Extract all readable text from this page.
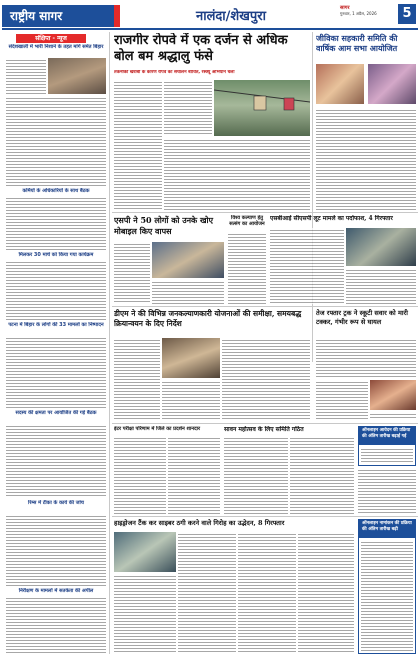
राष्ट्रीय सागर	नालंदा/शेखपुरा
सागर
गुरुवार, 1 अप्रैल, 2026	5
संक्षिप्त - न्यूज
संदेशखाली में भारी निशाने के तहत मांगें समेत बिहार
कर्मियों के अधिकारियों के साथ बैठक
मिलकर 30 मार्च को किया गया कार्यक्रम
पटना में बिहार के लोगों की 33 मामलों का निष्पादन
सदस्य की क्षमता पर आयोजित की गई बैठक
रिम्स में टीका के कार्य की जांच
निरीक्षण के मामलों में सतर्कता की अपील
राजगीर रोपवे में एक दर्जन से अधिक बोल बम श्रद्धालु फंसे
तकनीकी खराबी के कारण रोपवे का संचालन बाधित, रेस्क्यू अभियान चला
जीविका सहकारी समिति की वार्षिक आम सभा आयोजित
एसपी ने 50 लोगों को उनके खोए मोबाइल किए वापस
विश्व कल्याण हेतु सत्संग का आयोजन
एसबीआई सीएसपी लूट मामले का पर्दाफाश, 4 गिरफ्तार
डीएम ने की विभिन्न जनकल्याणकारी योजनाओं की समीक्षा, समयबद्ध क्रियान्वयन के दिए निर्देश
तेज रफ्तार ट्रक ने स्कूटी सवार को मारी टक्कर, गंभीर रूप से घायल
इंटर परीक्षा परिणाम में जिले का प्रदर्शन शानदार	सावन महोत्सव के लिए समिति गठित	ऑनलाइन आवेदन की प्रक्रिया की अंतिम तारीख बढ़ाई गई
हाइड्रोजन टैंक कर साइबर ठगी करने वाले गिरोह का उद्भेदन, 8 गिरफ्तार	ऑनलाइन नामांकन की प्रक्रिया की अंतिम तारीख बढ़ी
